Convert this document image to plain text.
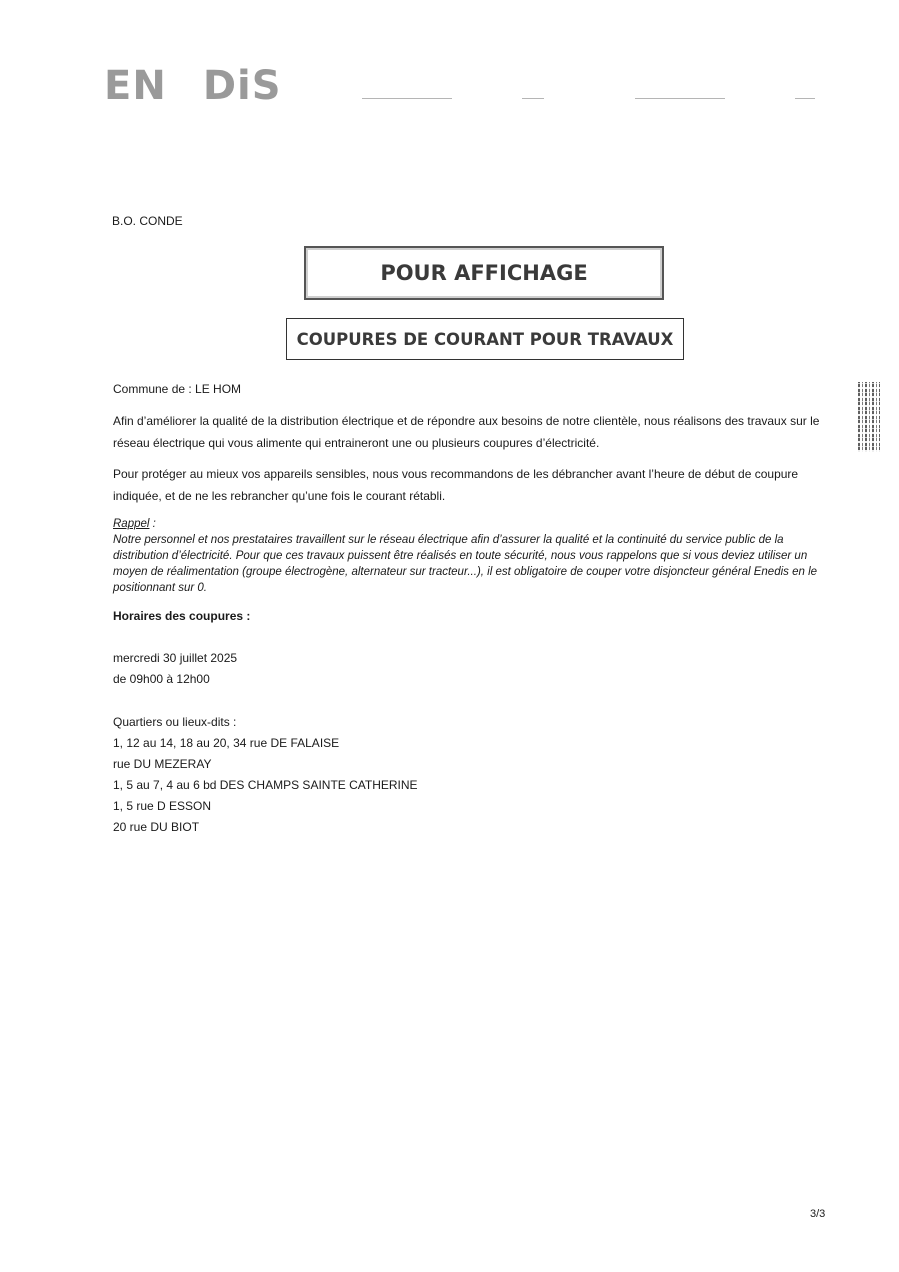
EN DiS
B.O. CONDE
POUR AFFICHAGE
COUPURES DE COURANT POUR TRAVAUX
Commune de : LE HOM
Afin d’améliorer la qualité de la distribution électrique et de répondre aux besoins de notre clientèle, nous réalisons des travaux sur le réseau électrique qui vous alimente qui entraineront une ou plusieurs coupures d’électricité.
Pour protéger au mieux vos appareils sensibles, nous vous recommandons de les débrancher avant l’heure de début de coupure indiquée, et de ne les rebrancher qu’une fois le courant rétabli.
Rappel :
Notre personnel et nos prestataires travaillent sur le réseau électrique afin d’assurer la qualité et la continuité du service public de la distribution d’électricité. Pour que ces travaux puissent être réalisés en toute sécurité, nous vous rappelons que si vous deviez utiliser un moyen de réalimentation (groupe électrogène, alternateur sur tracteur...), il est obligatoire de couper votre disjoncteur général Enedis en le positionnant sur 0.
Horaires des coupures :
mercredi 30 juillet 2025
de 09h00 à 12h00
Quartiers ou lieux-dits :
1, 12 au 14, 18 au 20, 34 rue DE FALAISE
rue DU MEZERAY
1, 5 au 7, 4 au 6 bd DES CHAMPS SAINTE CATHERINE
1, 5 rue D ESSON
20 rue DU BIOT
3/3
